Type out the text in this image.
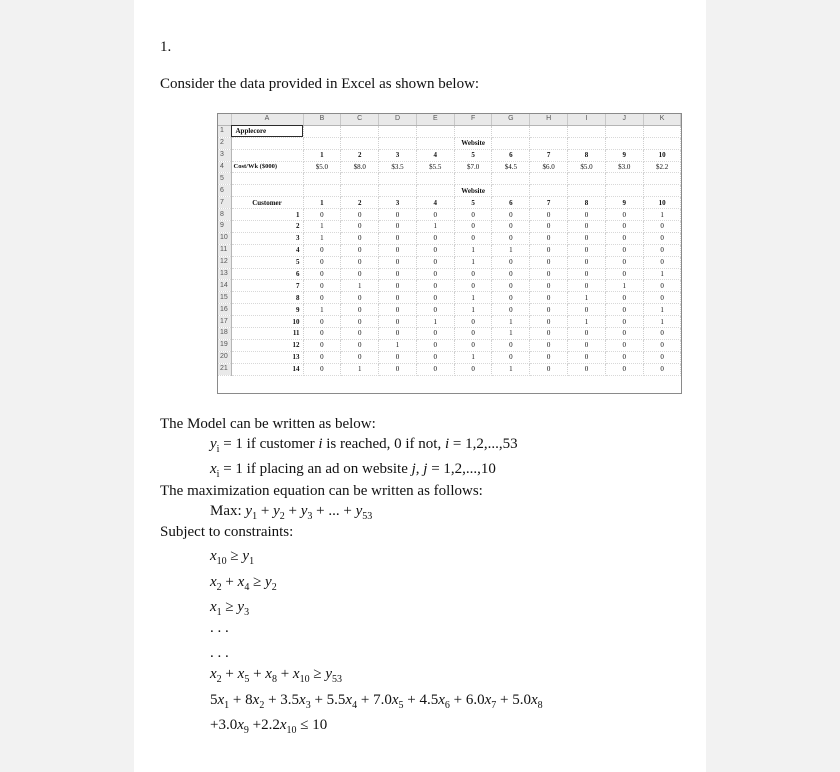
1.
Consider the data provided in Excel as shown below:
	A	B	C	D	E	F	G	H	I	J	K
1	Applecore										
2						Website					
3		1	2	3	4	5	6	7	8	9	10
4	Cost/Wk ($000)	$5.0	$8.0	$3.5	$5.5	$7.0	$4.5	$6.0	$5.0	$3.0	$2.2
5											
6						Website					
7	Customer	1	2	3	4	5	6	7	8	9	10
8	1	0	0	0	0	0	0	0	0	0	1
9	2	1	0	0	1	0	0	0	0	0	0
10	3	1	0	0	0	0	0	0	0	0	0
11	4	0	0	0	0	1	1	0	0	0	0
12	5	0	0	0	0	1	0	0	0	0	0
13	6	0	0	0	0	0	0	0	0	0	1
14	7	0	1	0	0	0	0	0	0	1	0
15	8	0	0	0	0	1	0	0	1	0	0
16	9	1	0	0	0	1	0	0	0	0	1
17	10	0	0	0	1	0	1	0	1	0	1
18	11	0	0	0	0	0	1	0	0	0	0
19	12	0	0	1	0	0	0	0	0	0	0
20	13	0	0	0	0	1	0	0	0	0	0
21	14	0	1	0	0	0	1	0	0	0	0
The Model can be written as below:
$y_i = 1$ if customer i is reached, 0 if not, i = 1,2,...,53
$x_i = 1$ if placing an ad on website j, j = 1,2,...,10
The maximization equation can be written as follows:
Max: $y_1 + y_2 + y_3$ + ... + $y_{53}$
Subject to constraints:
$x_{10} \ge y_1$
$x_2 + x_4 \ge y_2$
$x_1 \ge y_3$
. . .
. . .
$x_2 + x_5 + x_8 + x_{10} \ge y_{53}$
$5x_1 + 8x_2 + 3.5x_3 + 5.5x_4 + 7.0x_5 + 4.5x_6 + 6.0x_7 + 5.0x_8$
$+3.0x_9 +2.2x_{10} \le 10$
